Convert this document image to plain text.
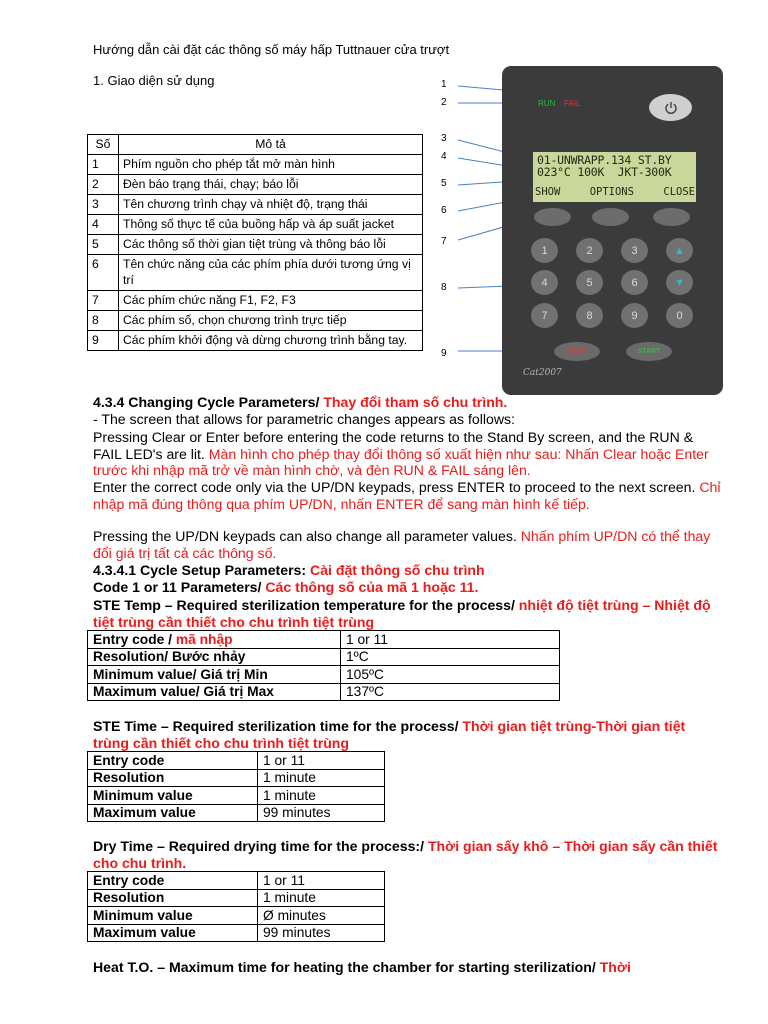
Hướng dẫn cài đặt các thông số máy hấp Tuttnauer cửa trượt
1. Giao diện sử dụng
Số	Mô tả
1	Phím nguồn cho phép tắt mở màn hình
2	Đèn báo trạng thái, chạy; báo lỗi
3	Tên chương trình chạy và nhiệt độ, trạng thái
4	Thông số thực tế của buồng hấp và áp suất jacket
5	Các thông số thời gian tiệt trùng và thông báo lỗi
6	Tên chức năng của các phím phía dưới tương ứng vị trí
7	Các phím chức năng F1, F2, F3
8	Các phím số, chọn chương trình trực tiếp
9	Các phím khởi động và dừng chương trình bằng tay.
1
2
3
4
5
6
7
8
9
RUN FAIL
01-UNWRAPP.134 ST.BY
023°C 100K  JKT-300K
SHOW	OPTIONS	CLOSE
1	2	3	▲
4	5	6	▼
7	8	9	0
STOP	START
Cat2007
4.3.4 Changing Cycle Parameters/ Thay đổi tham số chu trình.
- The screen that allows for parametric changes appears as follows:
Pressing Clear or Enter before entering the code returns to the Stand By screen, and the RUN & FAIL LED's are lit. Màn hình cho phép thay đổi thông số xuất hiện như sau: Nhấn Clear hoặc Enter trước khi nhập mã trở về màn hình chờ, và đèn RUN & FAIL sáng lên.
Enter the correct code only via the UP/DN keypads, press ENTER to proceed to the next screen. Chỉ nhập mã đúng thông qua phím UP/DN, nhấn ENTER để sang màn hình kế tiếp.
Pressing the UP/DN keypads can also change all parameter values. Nhấn phím UP/DN có thể thay đổi giá trị tất cả các thông số.
4.3.4.1 Cycle Setup Parameters: Cài đặt thông số chu trình
Code 1 or 11 Parameters/ Các thông số của mã 1 hoặc 11.
STE Temp – Required sterilization temperature for the process/ nhiệt độ tiệt trùng – Nhiệt độ tiệt trùng cần thiết cho chu trình tiệt trùng
Entry code / mã nhập	1 or 11
Resolution/ Bước nhảy	1ºC
Minimum value/ Giá trị Min	105ºC
Maximum value/ Giá trị Max	137ºC
STE Time – Required sterilization time for the process/ Thời gian tiệt trùng-Thời gian tiệt trùng cần thiết cho chu trình tiệt trùng
Entry code	1 or 11
Resolution	1 minute
Minimum value	1 minute
Maximum value	99 minutes
Dry Time – Required drying time for the process:/ Thời gian sấy khô – Thời gian sấy cần thiết cho chu trình.
Entry code	1 or 11
Resolution	1 minute
Minimum value	Ø minutes
Maximum value	99 minutes
Heat T.O. – Maximum time for heating the chamber for starting sterilization/ Thời
